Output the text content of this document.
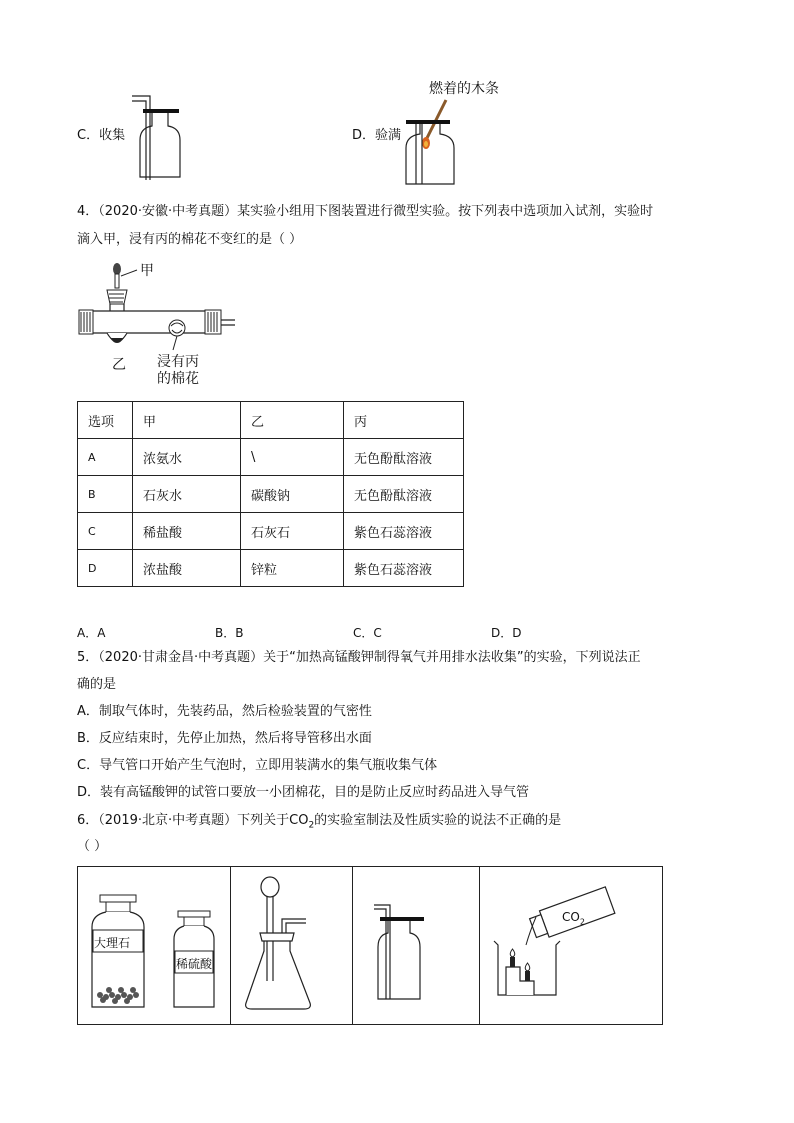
C．收集	D．验满
燃着的木条
4．（2020·安徽·中考真题）某实验小组用下图装置进行微型实验。按下列表中选项加入试剂，实验时
滴入甲，浸有丙的棉花不变红的是（ ）
甲
乙 浸有丙
的棉花
选项	甲	乙	丙
A	浓氨水	\	无色酚酞溶液
B	石灰水	碳酸钠	无色酚酞溶液
C	稀盐酸	石灰石	紫色石蕊溶液
D	浓盐酸	锌粒	紫色石蕊溶液
A．A	B．B	C．C	D．D
5．（2020·甘肃金昌·中考真题）关于“加热高锰酸钾制得氧气并用排水法收集”的实验，下列说法正
确的是
A．制取气体时，先装药品，然后检验装置的气密性
B．反应结束时，先停止加热，然后将导管移出水面
C．导气管口开始产生气泡时，立即用装满水的集气瓶收集气体
D．装有高锰酸钾的试管口要放一小团棉花，目的是防止反应时药品进入导气管
6．（2019·北京·中考真题）下列关于$CO_2$的实验室制法及性质实验的说法不正确的是
（ ）
大理石
稀硫酸
$CO_2$
